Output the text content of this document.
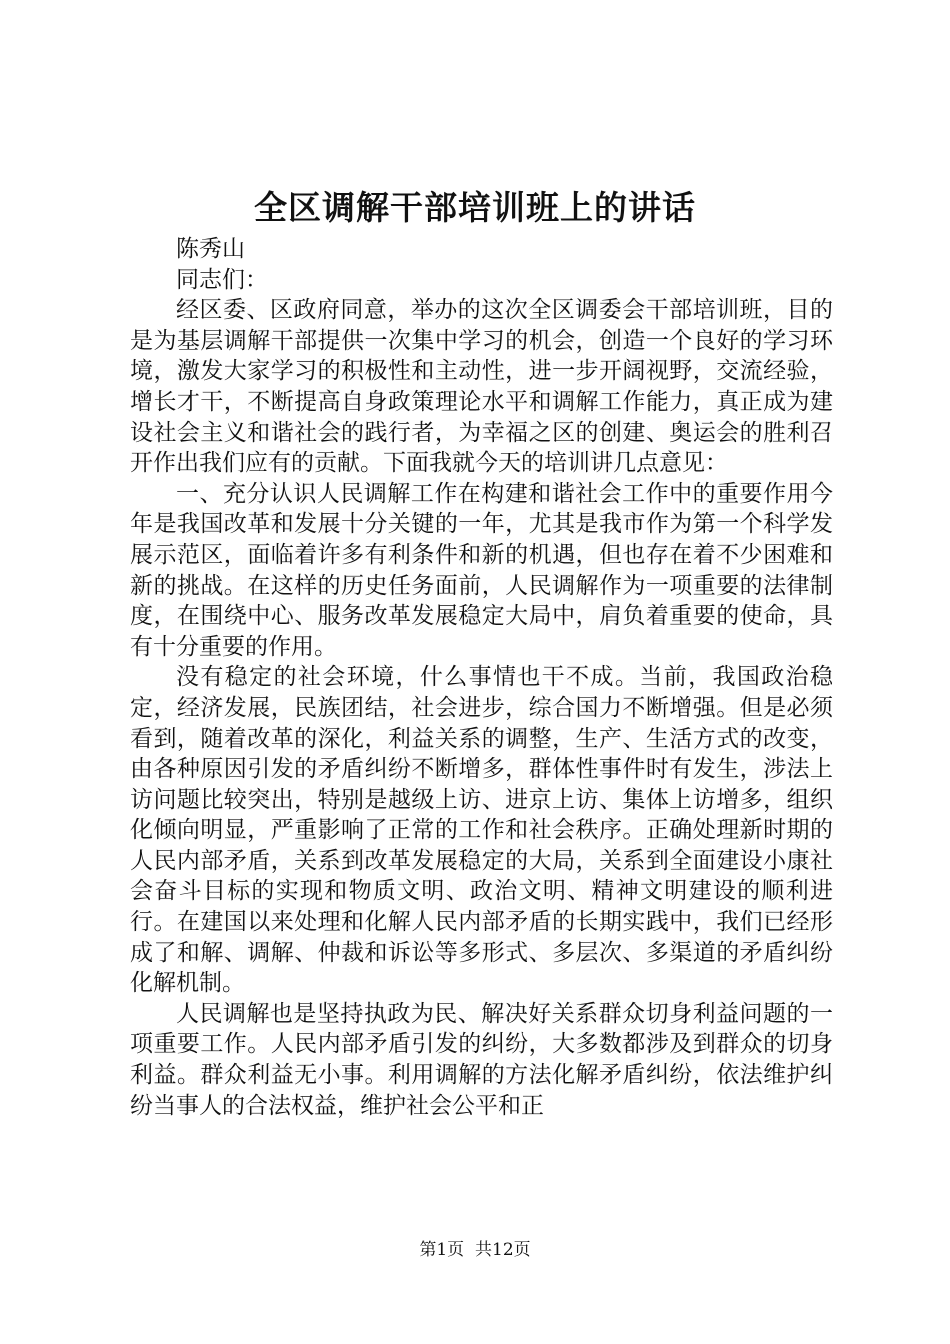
全区调解干部培训班上的讲话

陈秀山

同志们：

经区委、区政府同意，举办的这次全区调委会干部培训班，目的是为基层调解干部提供一次集中学习的机会，创造一个良好的学习环境，激发大家学习的积极性和主动性，进一步开阔视野，交流经验，增长才干，不断提高自身政策理论水平和调解工作能力，真正成为建设社会主义和谐社会的践行者，为幸福之区的创建、奥运会的胜利召开作出我们应有的贡献。下面我就今天的培训讲几点意见：

一、充分认识人民调解工作在构建和谐社会工作中的重要作用今年是我国改革和发展十分关键的一年，尤其是我市作为第一个科学发展示范区，面临着许多有利条件和新的机遇，但也存在着不少困难和新的挑战。在这样的历史任务面前，人民调解作为一项重要的法律制度，在围绕中心、服务改革发展稳定大局中，肩负着重要的使命，具有十分重要的作用。

没有稳定的社会环境，什么事情也干不成。当前，我国政治稳定，经济发展，民族团结，社会进步，综合国力不断增强。但是必须看到，随着改革的深化，利益关系的调整，生产、生活方式的改变，由各种原因引发的矛盾纠纷不断增多，群体性事件时有发生，涉法上访问题比较突出，特别是越级上访、进京上访、集体上访增多，组织化倾向明显，严重影响了正常的工作和社会秩序。正确处理新时期的人民内部矛盾，关系到改革发展稳定的大局，关系到全面建设小康社会奋斗目标的实现和物质文明、政治文明、精神文明建设的顺利进行。在建国以来处理和化解人民内部矛盾的长期实践中，我们已经形成了和解、调解、仲裁和诉讼等多形式、多层次、多渠道的矛盾纠纷化解机制。

人民调解也是坚持执政为民、解决好关系群众切身利益问题的一项重要工作。人民内部矛盾引发的纠纷，大多数都涉及到群众的切身利益。群众利益无小事。利用调解的方法化解矛盾纠纷，依法维护纠纷当事人的合法权益，维护社会公平和正

第1页 共12页
